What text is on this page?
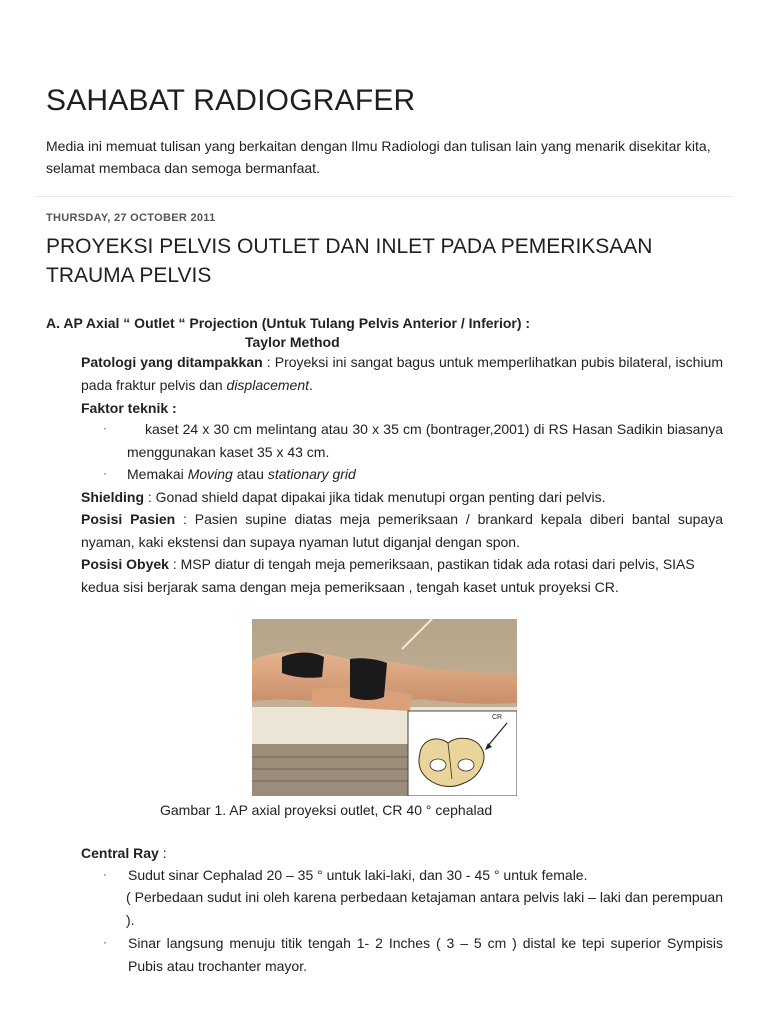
SAHABAT RADIOGRAFER
Media ini memuat tulisan yang berkaitan dengan Ilmu Radiologi dan tulisan lain yang menarik disekitar kita, selamat membaca dan semoga bermanfaat.
THURSDAY, 27 OCTOBER 2011
PROYEKSI PELVIS OUTLET DAN INLET PADA PEMERIKSAAN TRAUMA PELVIS
A. AP Axial “ Outlet “ Projection (Untuk Tulang Pelvis Anterior / Inferior) :
Taylor Method
Patologi yang ditampakkan : Proyeksi ini sangat bagus untuk memperlihatkan pubis bilateral, ischium pada fraktur pelvis dan displacement.
Faktor teknik :
·	kaset 24 x 30 cm melintang atau 30 x 35 cm (bontrager,2001) di RS Hasan Sadikin biasanya menggunakan kaset 35 x 43 cm.
· Memakai Moving atau stationary grid
Shielding : Gonad shield dapat dipakai jika tidak menutupi organ penting dari pelvis.
Posisi Pasien : Pasien supine diatas meja pemeriksaan / brankard kepala diberi bantal supaya nyaman, kaki ekstensi dan supaya nyaman lutut diganjal dengan spon.
Posisi Obyek : MSP diatur di tengah meja pemeriksaan, pastikan tidak ada rotasi dari pelvis, SIAS kedua sisi berjarak sama dengan meja pemeriksaan , tengah kaset untuk proyeksi CR.
CR
Gambar 1. AP axial proyeksi outlet, CR 40 ° cephalad
Central Ray :
· Sudut sinar Cephalad 20 – 35 ° untuk laki-laki, dan 30 - 45 ° untuk female.
( Perbedaan sudut ini oleh karena perbedaan ketajaman antara pelvis laki – laki dan perempuan ).
· Sinar langsung menuju titik tengah 1- 2 Inches ( 3 – 5 cm ) distal ke tepi superior Sympisis Pubis atau trochanter mayor.
